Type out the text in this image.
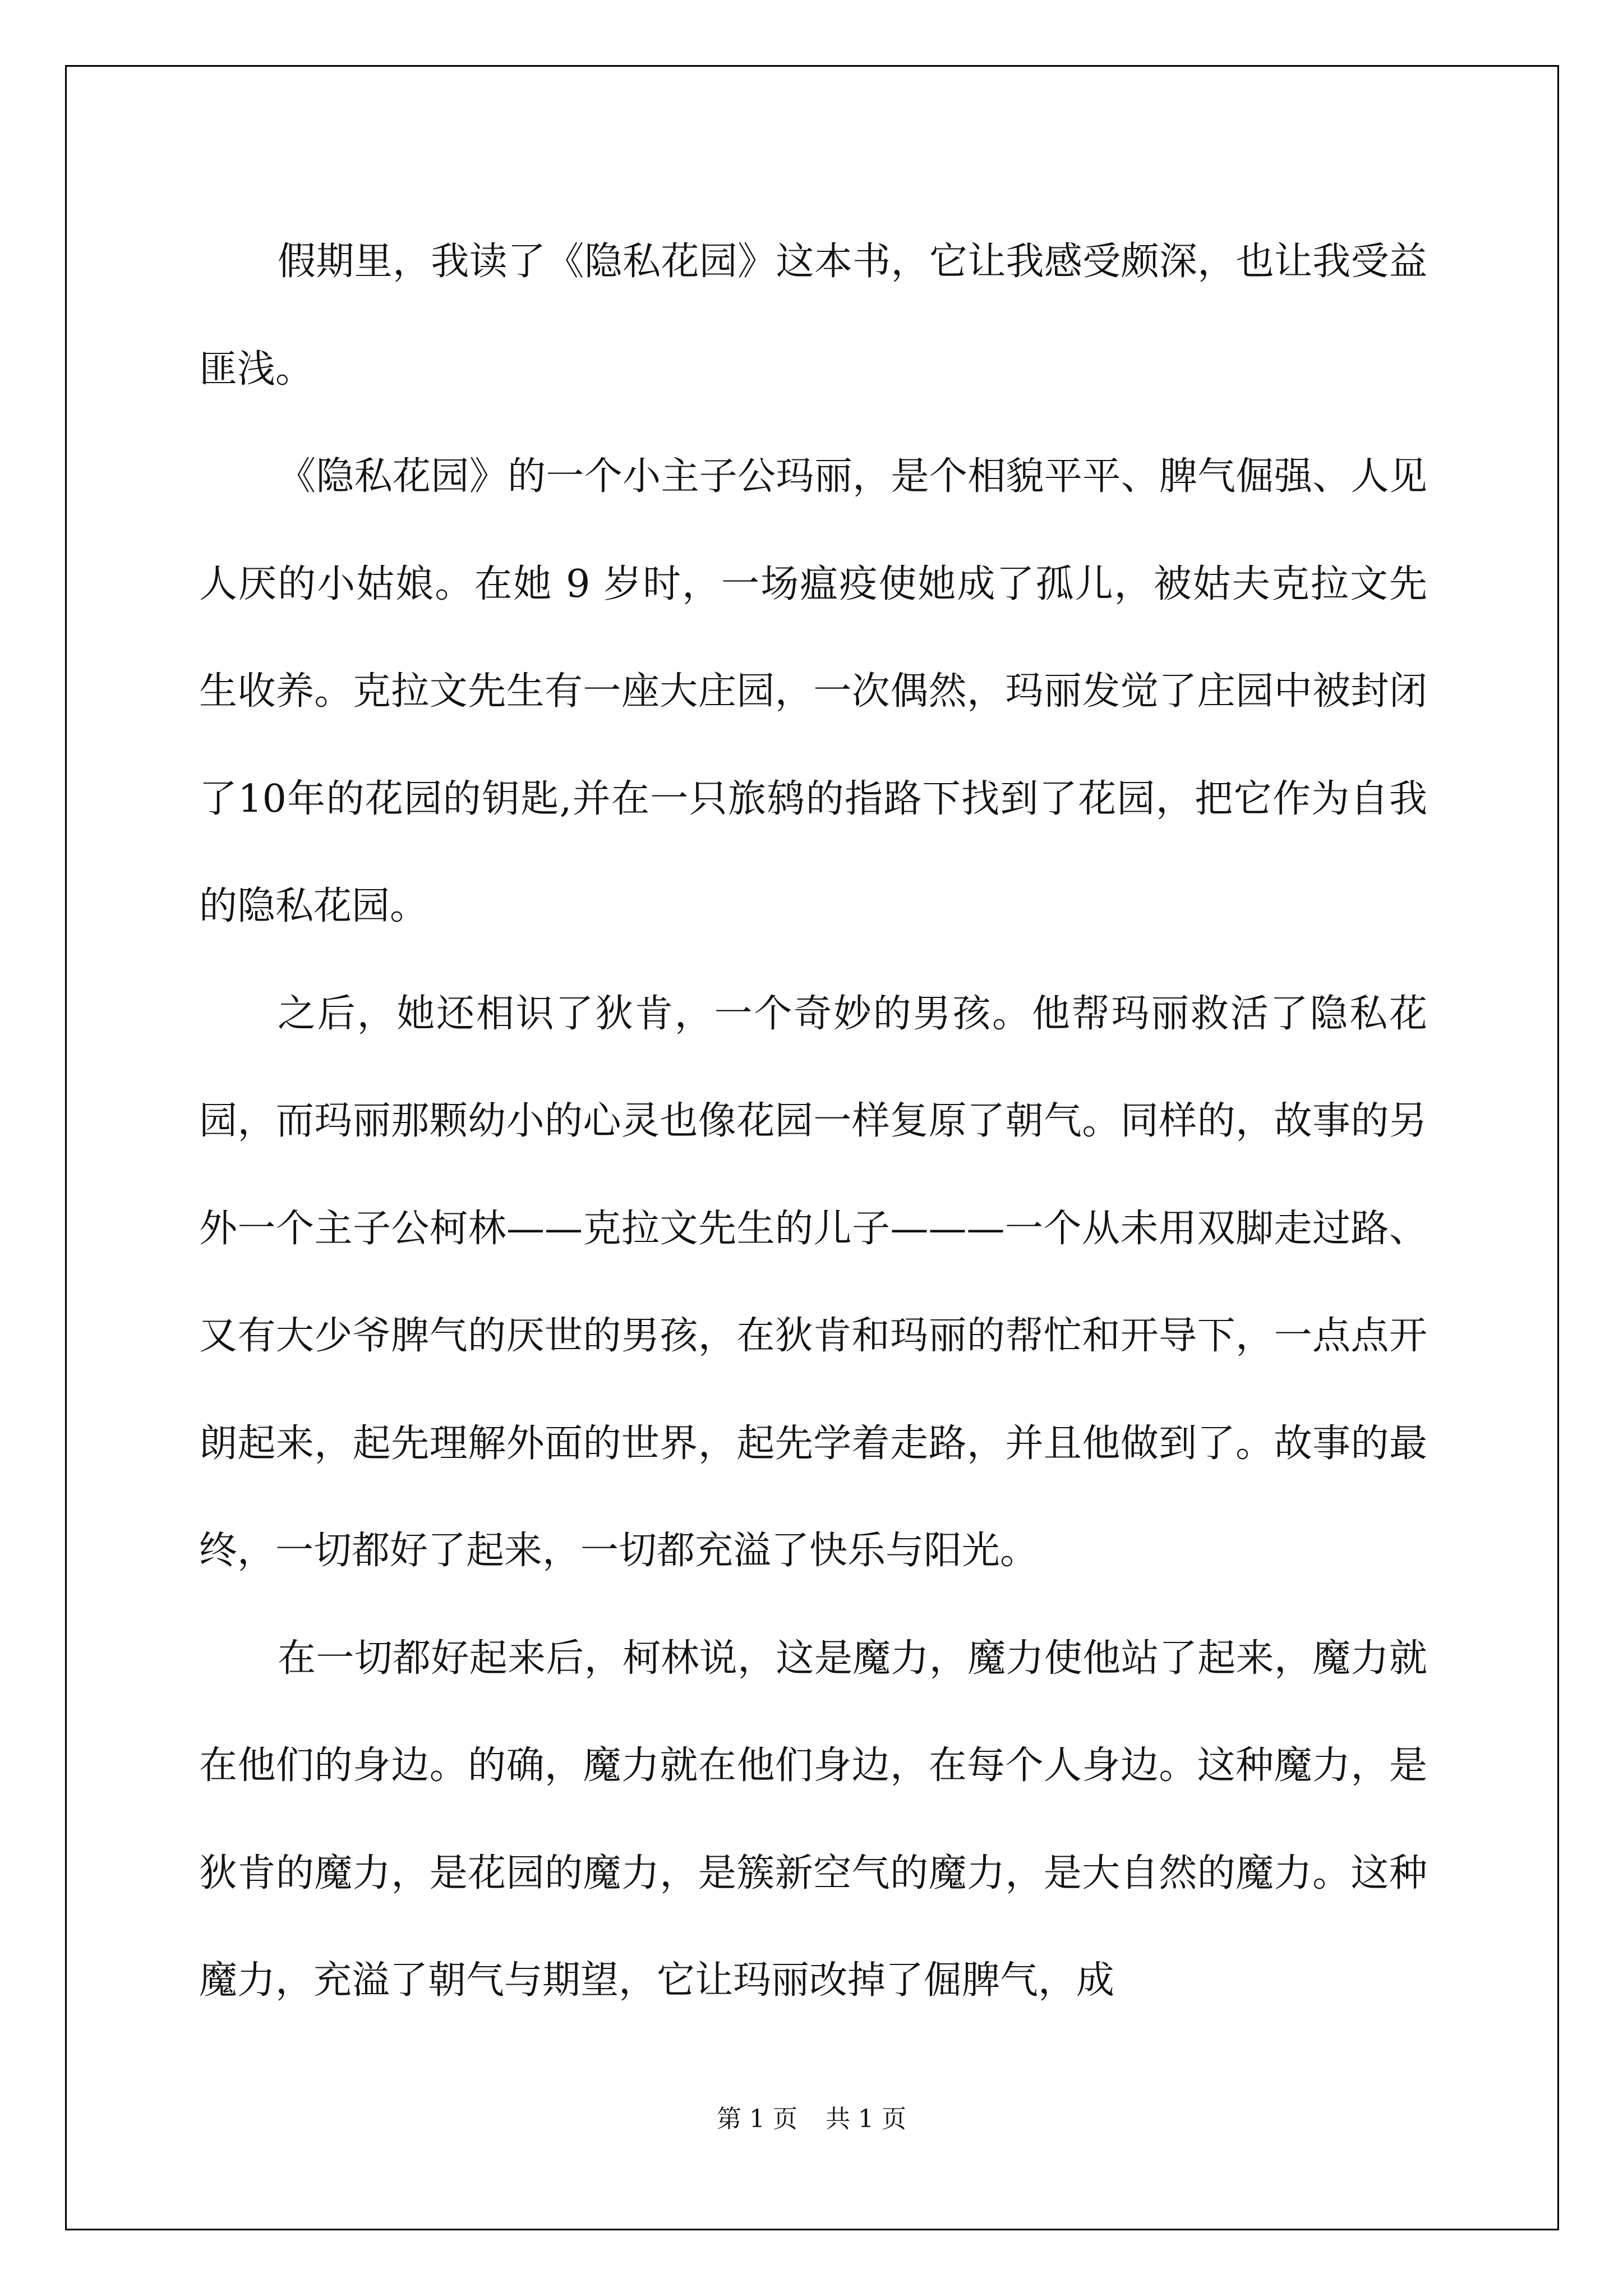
假期里，我读了《隐私花园》这本书，它让我感受颇深，也让我受益匪浅。

《隐私花园》的一个小主子公玛丽，是个相貌平平、脾气倔强、人见人厌的小姑娘。在她 9 岁时，一场瘟疫使她成了孤儿，被姑夫克拉文先生收养。克拉文先生有一座大庄园，一次偶然，玛丽发觉了庄园中被封闭了10年的花园的钥匙,并在一只旅鸫的指路下找到了花园，把它作为自我的隐私花园。

之后，她还相识了狄肯，一个奇妙的男孩。他帮玛丽救活了隐私花园，而玛丽那颗幼小的心灵也像花园一样复原了朝气。同样的，故事的另外一个主子公柯林——克拉文先生的儿子———一个从未用双脚走过路、又有大少爷脾气的厌世的男孩，在狄肯和玛丽的帮忙和开导下，一点点开朗起来，起先理解外面的世界，起先学着走路，并且他做到了。故事的最终，一切都好了起来，一切都充溢了快乐与阳光。

在一切都好起来后，柯林说，这是魔力，魔力使他站了起来，魔力就在他们的身边。的确，魔力就在他们身边，在每个人身边。这种魔力，是狄肯的魔力，是花园的魔力，是簇新空气的魔力，是大自然的魔力。这种魔力，充溢了朝气与期望，它让玛丽改掉了倔脾气，成

第 1 页 共 1 页
